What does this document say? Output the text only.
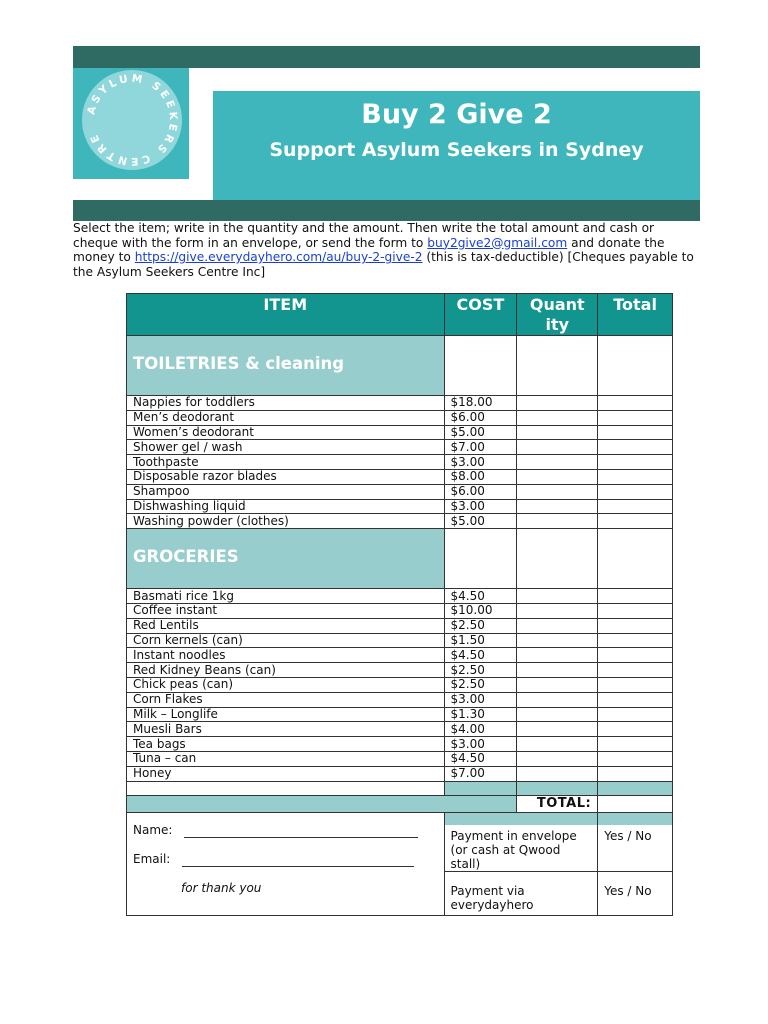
ASYLUM SEEKERS CENTRE
Buy 2 Give 2
Support Asylum Seekers in Sydney

Select the item; write in the quantity and the amount. Then write the total amount and cash or cheque with the form in an envelope, or send the form to buy2give2@gmail.com and donate the money to https://give.everydayhero.com/au/buy-2-give-2 (this is tax-deductible) [Cheques payable to the Asylum Seekers Centre Inc]

ITEM	COST	Quant ity	Total
TOILETRIES & cleaning			
Nappies for toddlers	$18.00		
Men’s deodorant	$6.00		
Women’s deodorant	$5.00		
Shower gel / wash	$7.00		
Toothpaste	$3.00		
Disposable razor blades	$8.00		
Shampoo	$6.00		
Dishwashing liquid	$3.00		
Washing powder (clothes)	$5.00		
GROCERIES			
Basmati rice 1kg	$4.50		
Coffee instant	$10.00		
Red Lentils	$2.50		
Corn kernels (can)	$1.50		
Instant noodles	$4.50		
Red Kidney Beans (can)	$2.50		
Chick peas (can)	$2.50		
Corn Flakes	$3.00		
Milk – Longlife	$1.30		
Muesli Bars	$4.00		
Tea bags	$3.00		
Tuna – can	$4.50		
Honey	$7.00		

		TOTAL:	

Name:
Email:
for thank you	Payment in envelope (or cash at Qwood stall)		Yes / No
	Payment via everydayhero		Yes / No
